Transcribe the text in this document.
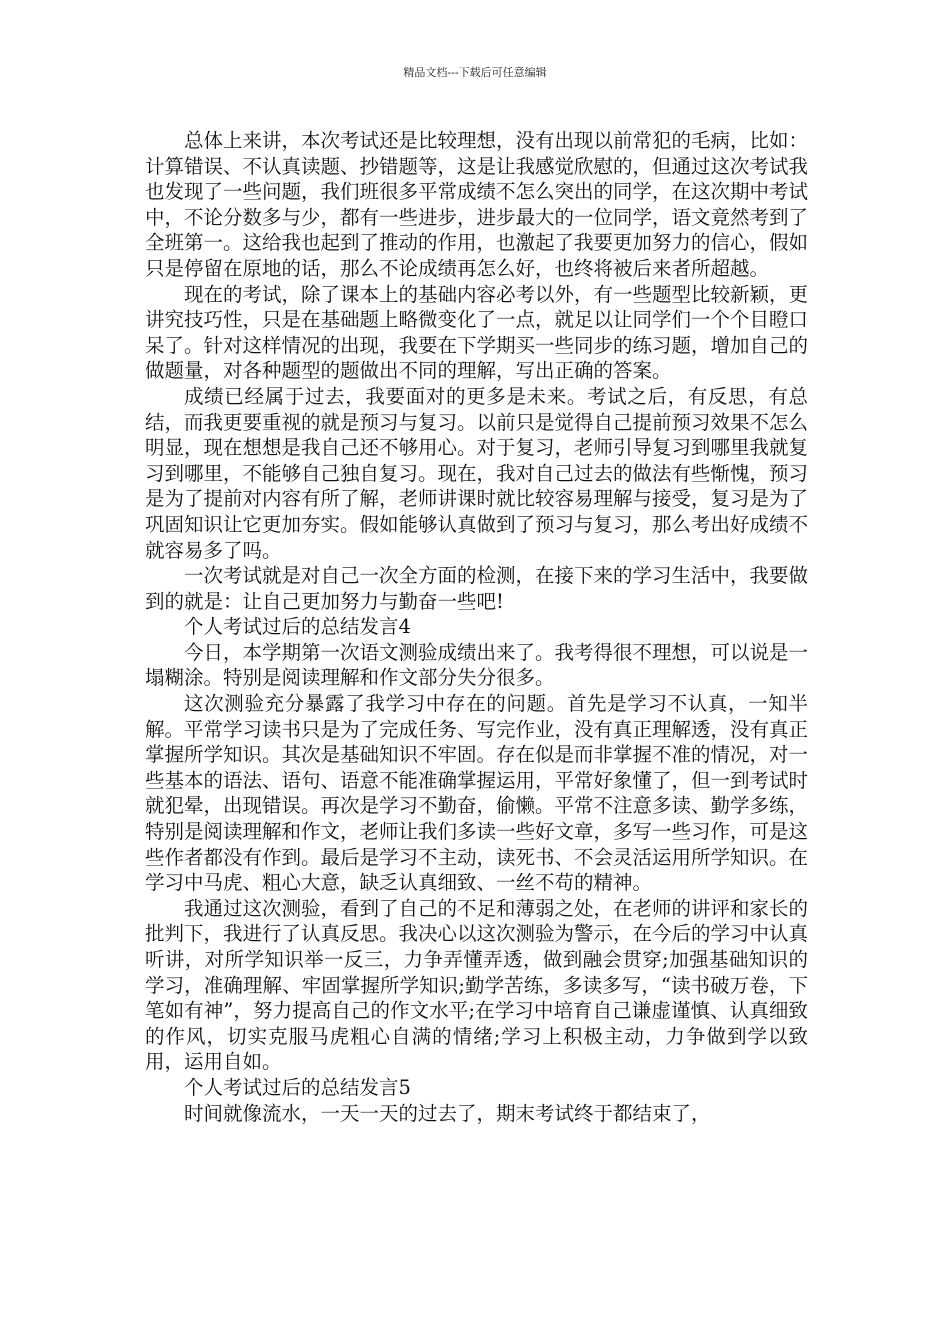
精品文档---下载后可任意编辑

总体上来讲，本次考试还是比较理想，没有出现以前常犯的毛病，比如：计算错误、不认真读题、抄错题等，这是让我感觉欣慰的，但通过这次考试我也发现了一些问题，我们班很多平常成绩不怎么突出的同学，在这次期中考试中，不论分数多与少，都有一些进步，进步最大的一位同学，语文竟然考到了全班第一。这给我也起到了推动的作用，也激起了我要更加努力的信心，假如只是停留在原地的话，那么不论成绩再怎么好，也终将被后来者所超越。

现在的考试，除了课本上的基础内容必考以外，有一些题型比较新颖，更讲究技巧性，只是在基础题上略微变化了一点，就足以让同学们一个个目瞪口呆了。针对这样情况的出现，我要在下学期买一些同步的练习题，增加自己的做题量，对各种题型的题做出不同的理解，写出正确的答案。

成绩已经属于过去，我要面对的更多是未来。考试之后，有反思，有总结，而我更要重视的就是预习与复习。以前只是觉得自己提前预习效果不怎么明显，现在想想是我自己还不够用心。对于复习，老师引导复习到哪里我就复习到哪里，不能够自己独自复习。现在，我对自己过去的做法有些惭愧，预习是为了提前对内容有所了解，老师讲课时就比较容易理解与接受，复习是为了巩固知识让它更加夯实。假如能够认真做到了预习与复习，那么考出好成绩不就容易多了吗。

一次考试就是对自己一次全方面的检测，在接下来的学习生活中，我要做到的就是：让自己更加努力与勤奋一些吧!

个人考试过后的总结发言4

今日，本学期第一次语文测验成绩出来了。我考得很不理想，可以说是一塌糊涂。特别是阅读理解和作文部分失分很多。

这次测验充分暴露了我学习中存在的问题。首先是学习不认真，一知半解。平常学习读书只是为了完成任务、写完作业，没有真正理解透，没有真正掌握所学知识。其次是基础知识不牢固。存在似是而非掌握不准的情况，对一些基本的语法、语句、语意不能准确掌握运用，平常好象懂了，但一到考试时就犯晕，出现错误。再次是学习不勤奋，偷懒。平常不注意多读、勤学多练，特别是阅读理解和作文，老师让我们多读一些好文章，多写一些习作，可是这些作者都没有作到。最后是学习不主动，读死书、不会灵活运用所学知识。在学习中马虎、粗心大意，缺乏认真细致、一丝不苟的精神。

我通过这次测验，看到了自己的不足和薄弱之处，在老师的讲评和家长的批判下，我进行了认真反思。我决心以这次测验为警示，在今后的学习中认真听讲，对所学知识举一反三，力争弄懂弄透，做到融会贯穿;加强基础知识的学习，准确理解、牢固掌握所学知识;勤学苦练，多读多写，“读书破万卷，下笔如有神”，努力提高自己的作文水平;在学习中培育自己谦虚谨慎、认真细致的作风，切实克服马虎粗心自满的情绪;学习上积极主动，力争做到学以致用，运用自如。

个人考试过后的总结发言5

时间就像流水，一天一天的过去了，期末考试终于都结束了，
